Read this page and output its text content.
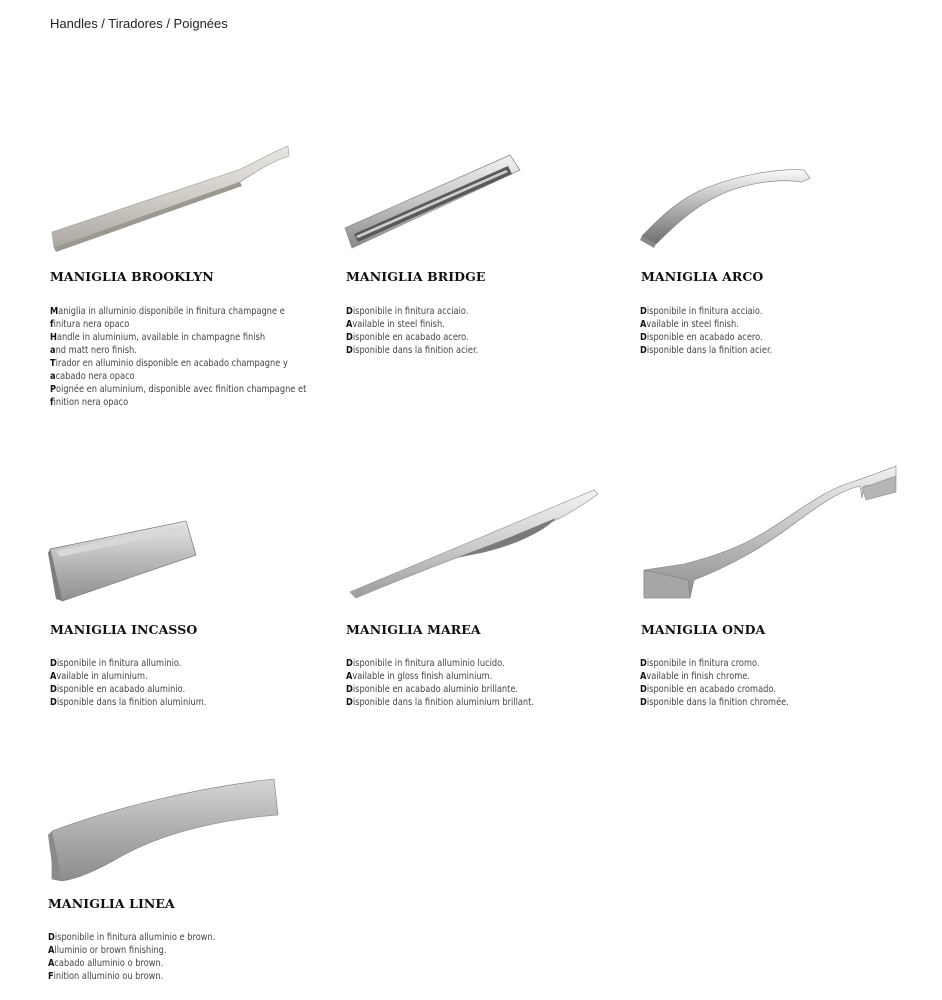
Handles / Tiradores / Poignées
MANIGLIA BROOKLYN
Maniglia in alluminio disponibile in finitura champagne e
finitura nera opaco
Handle in aluminium, available in champagne finish
and matt nero finish.
Tirador en alluminio disponible en acabado champagne y
acabado nera opaco
Poignée en aluminium, disponible avec finition champagne et
finition nera opaco
MANIGLIA BRIDGE
Disponibile in finitura acciaio.
Available in steel finish.
Disponible en acabado acero.
Disponible dans la finition acier.
MANIGLIA ARCO
Disponibile in finitura acciaio.
Available in steel finish.
Disponible en acabado acero.
Disponible dans la finition acier.
MANIGLIA INCASSO
Disponibile in finitura alluminio.
Available in aluminium.
Disponible en acabado aluminio.
Disponible dans la finition aluminium.
MANIGLIA MAREA
Disponibile in finitura alluminio lucido.
Available in gloss finish aluminium.
Disponible en acabado aluminio brillante.
Disponible dans la finition aluminium brillant.
MANIGLIA ONDA
Disponibile in finitura cromo.
Available in finish chrome.
Disponible en acabado cromado.
Disponible dans la finition chromée.
MANIGLIA LINEA
Disponibile in finitura alluminio e brown.
Alluminio or brown finishing.
Acabado alluminio o brown.
Finition alluminio ou brown.
